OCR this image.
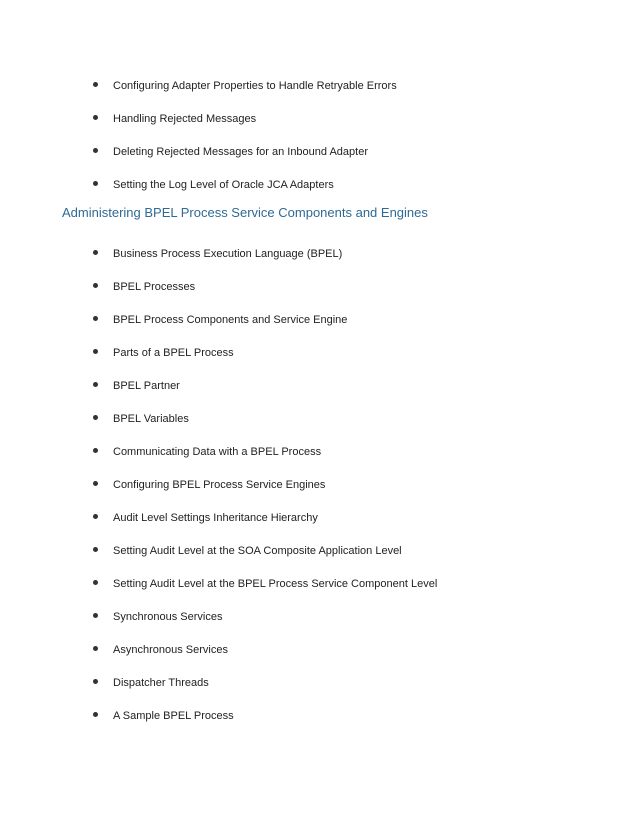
Configuring Adapter Properties to Handle Retryable Errors
Handling Rejected Messages
Deleting Rejected Messages for an Inbound Adapter
Setting the Log Level of Oracle JCA Adapters
Administering BPEL Process Service Components and Engines
Business Process Execution Language (BPEL)
BPEL Processes
BPEL Process Components and Service Engine
Parts of a BPEL Process
BPEL Partner
BPEL Variables
Communicating Data with a BPEL Process
Configuring BPEL Process Service Engines
Audit Level Settings Inheritance Hierarchy
Setting Audit Level at the SOA Composite Application Level
Setting Audit Level at the BPEL Process Service Component Level
Synchronous Services
Asynchronous Services
Dispatcher Threads
A Sample BPEL Process
